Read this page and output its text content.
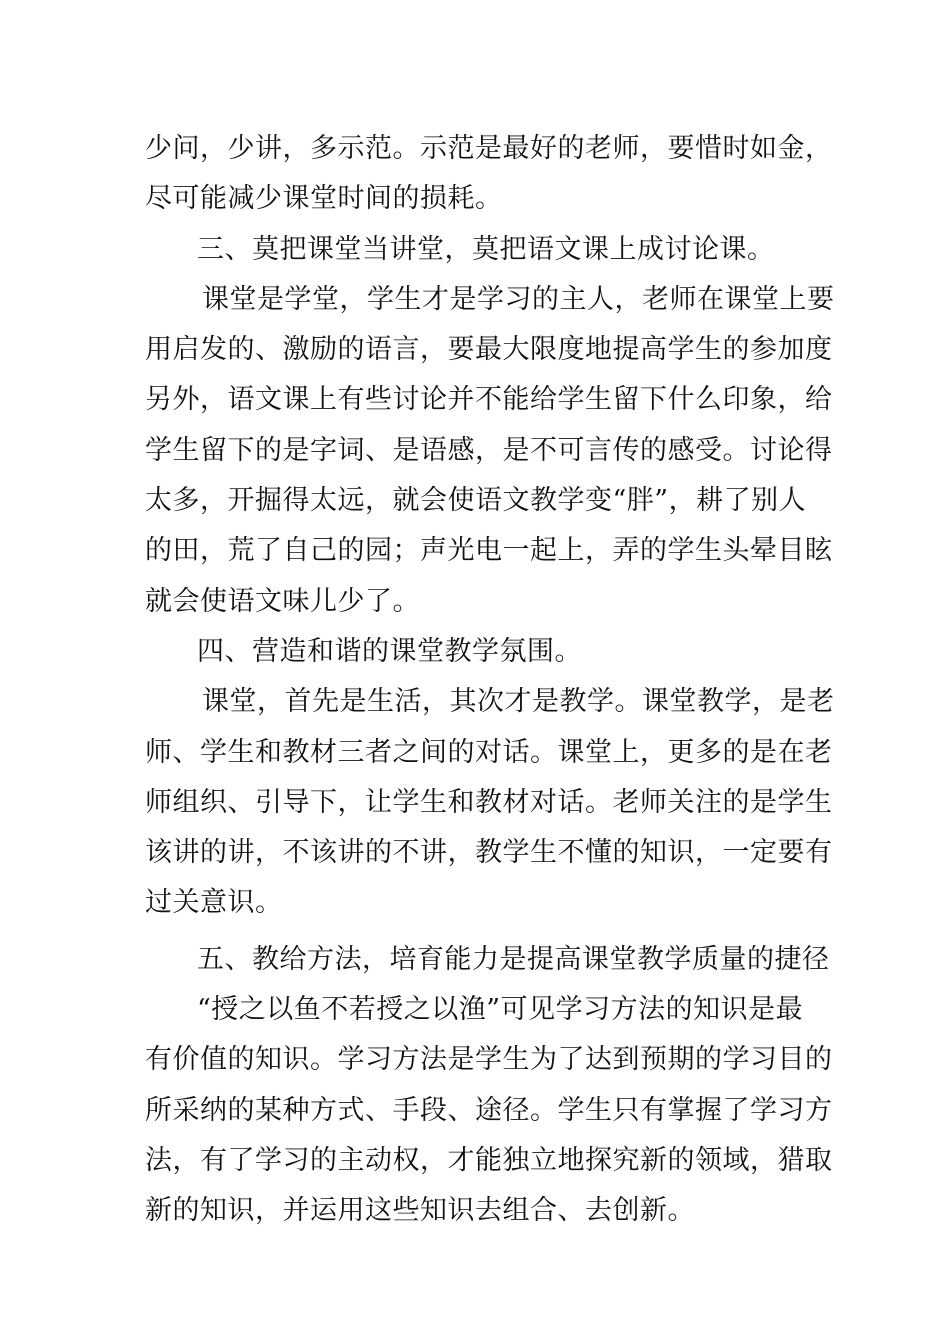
少问，少讲，多示范。示范是最好的老师，要惜时如金，
尽可能减少课堂时间的损耗。
三、莫把课堂当讲堂，莫把语文课上成讨论课。
课堂是学堂，学生才是学习的主人，老师在课堂上要
用启发的、激励的语言，要最大限度地提高学生的参加度
另外，语文课上有些讨论并不能给学生留下什么印象，给
学生留下的是字词、是语感，是不可言传的感受。讨论得
太多，开掘得太远，就会使语文教学变“胖”，耕了别人
的田，荒了自己的园；声光电一起上，弄的学生头晕目眩
就会使语文味儿少了。
四、营造和谐的课堂教学氛围。
课堂，首先是生活，其次才是教学。课堂教学，是老
师、学生和教材三者之间的对话。课堂上，更多的是在老
师组织、引导下，让学生和教材对话。老师关注的是学生
该讲的讲，不该讲的不讲，教学生不懂的知识，一定要有
过关意识。
五、教给方法，培育能力是提高课堂教学质量的捷径
“授之以鱼不若授之以渔”可见学习方法的知识是最
有价值的知识。学习方法是学生为了达到预期的学习目的
所采纳的某种方式、手段、途径。学生只有掌握了学习方
法，有了学习的主动权，才能独立地探究新的领域，猎取
新的知识，并运用这些知识去组合、去创新。
